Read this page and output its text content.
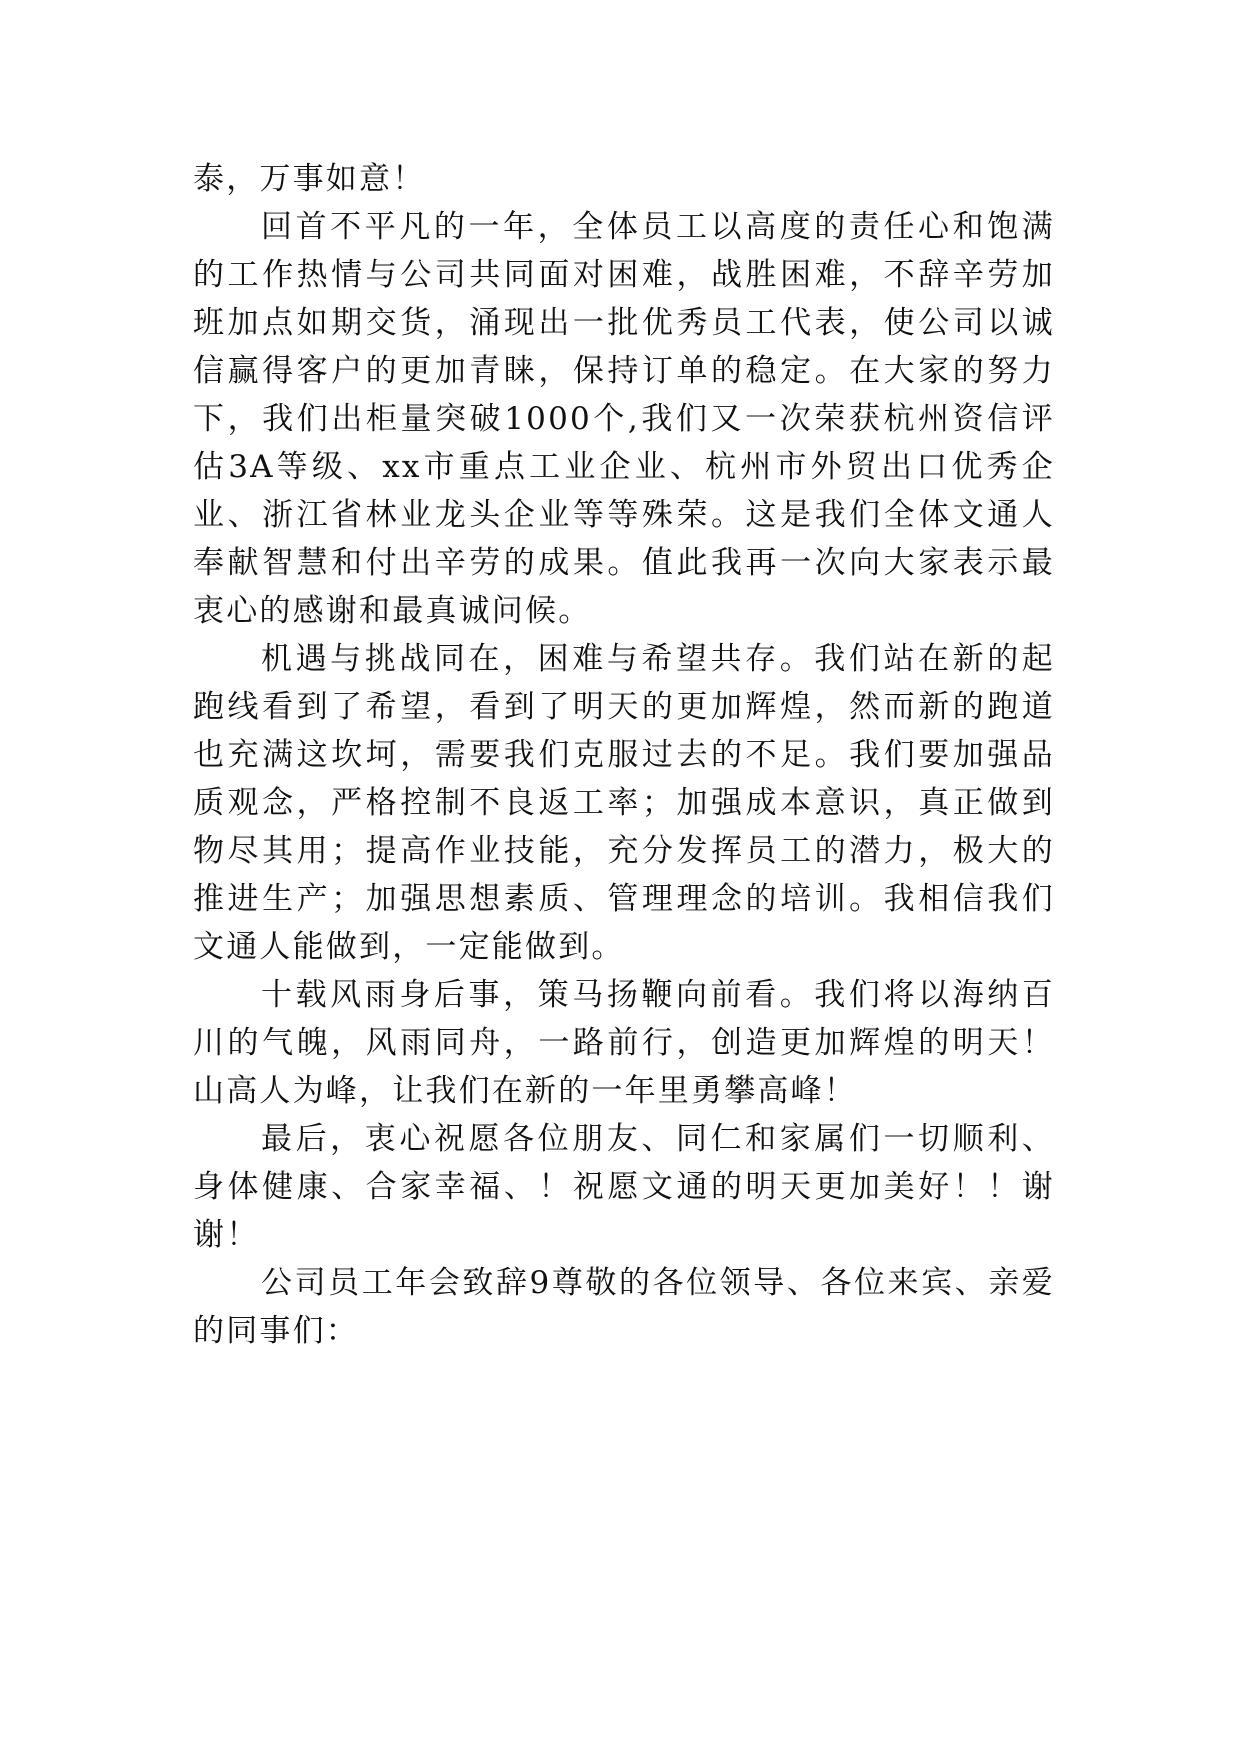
泰，万事如意！

回首不平凡的一年，全体员工以高度的责任心和饱满的工作热情与公司共同面对困难，战胜困难，不辞辛劳加班加点如期交货，涌现出一批优秀员工代表，使公司以诚信赢得客户的更加青睐，保持订单的稳定。在大家的努力下，我们出柜量突破1000个,我们又一次荣获杭州资信评估3A等级、xx市重点工业企业、杭州市外贸出口优秀企业、浙江省林业龙头企业等等殊荣。这是我们全体文通人奉献智慧和付出辛劳的成果。值此我再一次向大家表示最衷心的感谢和最真诚问候。

机遇与挑战同在，困难与希望共存。我们站在新的起跑线看到了希望，看到了明天的更加辉煌，然而新的跑道也充满这坎坷，需要我们克服过去的不足。我们要加强品质观念，严格控制不良返工率；加强成本意识，真正做到物尽其用；提高作业技能，充分发挥员工的潜力，极大的推进生产；加强思想素质、管理理念的培训。我相信我们文通人能做到，一定能做到。

十载风雨身后事，策马扬鞭向前看。我们将以海纳百川的气魄，风雨同舟，一路前行，创造更加辉煌的明天！山高人为峰，让我们在新的一年里勇攀高峰！

最后，衷心祝愿各位朋友、同仁和家属们一切顺利、身体健康、合家幸福、！祝愿文通的明天更加美好！！谢谢！

公司员工年会致辞9尊敬的各位领导、各位来宾、亲爱的同事们：
